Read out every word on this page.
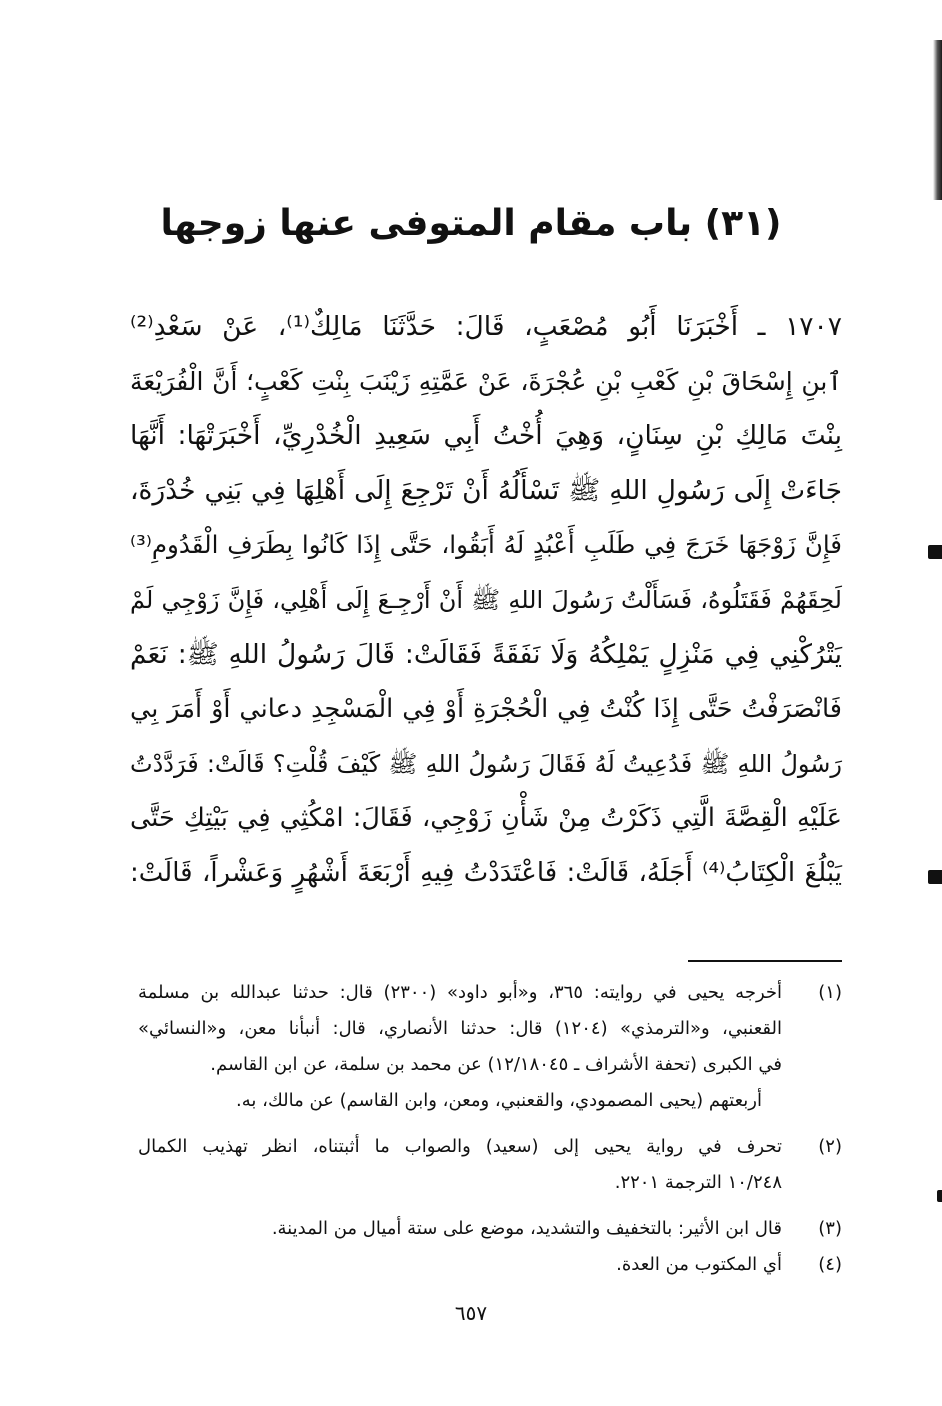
(٣١) باب مقام المتوفى عنها زوجها
١٧٠٧ ـ أَخْبَرَنَا أَبُو مُصْعَبٍ، قَالَ: حَدَّثَنَا مَالِكٌ⁽¹⁾، عَنْ سَعْدِ⁽²⁾
ٱبنِ إِسْحَاقَ بْنِ كَعْبِ بْنِ عُجْرَةَ، عَنْ عَمَّتِهِ زَيْنَبَ بِنْتِ كَعْبٍ؛ أَنَّ الْفُرَيْعَةَ
بِنْتَ مَالِكِ بْنِ سِنَانٍ، وَهِيَ أُخْتُ أَبِي سَعِيدِ الْخُدْرِيِّ، أَخْبَرَتْهَا: أَنَّهَا
جَاءَتْ إِلَى رَسُولِ اللهِ ﷺ تَسْأَلُهُ أَنْ تَرْجِعَ إِلَى أَهْلِهَا فِي بَنِي خُدْرَةَ،
فَإِنَّ زَوْجَهَا خَرَجَ فِي طَلَبِ أَعْبُدٍ لَهُ أَبَقُوا، حَتَّى إِذَا كَانُوا بِطَرَفِ الْقَدُومِ⁽³⁾
لَحِقَهُمْ فَقَتَلُوهُ، فَسَأَلْتُ رَسُولَ اللهِ ﷺ أَنْ أَرْجِـعَ إِلَى أَهْلِي، فَإِنَّ زَوْجِي لَمْ
يَتْرُكْنِي فِي مَنْزِلٍ يَمْلِكُهُ وَلَا نَفَقَةً فَقَالَتْ: قَالَ رَسُولُ اللهِ ﷺ: نَعَمْ
فَانْصَرَفْتُ حَتَّى إِذَا كُنْتُ فِي الْحُجْرَةِ أَوْ فِي الْمَسْجِدِ دعاني أَوْ أَمَرَ بِي
رَسُولُ اللهِ ﷺ فَدُعِيتُ لَهُ فَقَالَ رَسُولُ اللهِ ﷺ كَيْفَ قُلْتِ؟ قَالَتْ: فَرَدَّدْتُ
عَلَيْهِ الْقِصَّةَ الَّتِي ذَكَرْتُ مِنْ شَأْنِ زَوْجِي، فَقَالَ: امْكُثِي فِي بَيْتِكِ حَتَّى
يَبْلُغَ الْكِتَابُ⁽⁴⁾ أَجَلَهُ، قَالَتْ: فَاعْتَدَدْتُ فِيهِ أَرْبَعَةَ أَشْهُرٍ وَعَشْراً، قَالَتْ:
(١)
أخرجه يحيى في روايته: ٣٦٥، و«أبو داود» (٢٣٠٠) قال: حدثنا عبدالله بن مسلمة
القعنبي، و«الترمذي» (١٢٠٤) قال: حدثنا الأنصاري، قال: أنبأنا معن، و«النسائي»
في الكبرى (تحفة الأشراف ـ ١٢/١٨٠٤٥) عن محمد بن سلمة، عن ابن القاسم.
أربعتهم (يحيى المصمودي، والقعنبي، ومعن، وابن القاسم) عن مالك، به.
(٢)
تحرف في رواية يحيى إلى (سعيد) والصواب ما أثبتناه، انظر تهذيب الكمال
١٠/٢٤٨ الترجمة ٢٢٠١.
(٣)
قال ابن الأثير: بالتخفيف والتشديد، موضع على ستة أميال من المدينة.
(٤)
أي المكتوب من العدة.
٦٥٧
